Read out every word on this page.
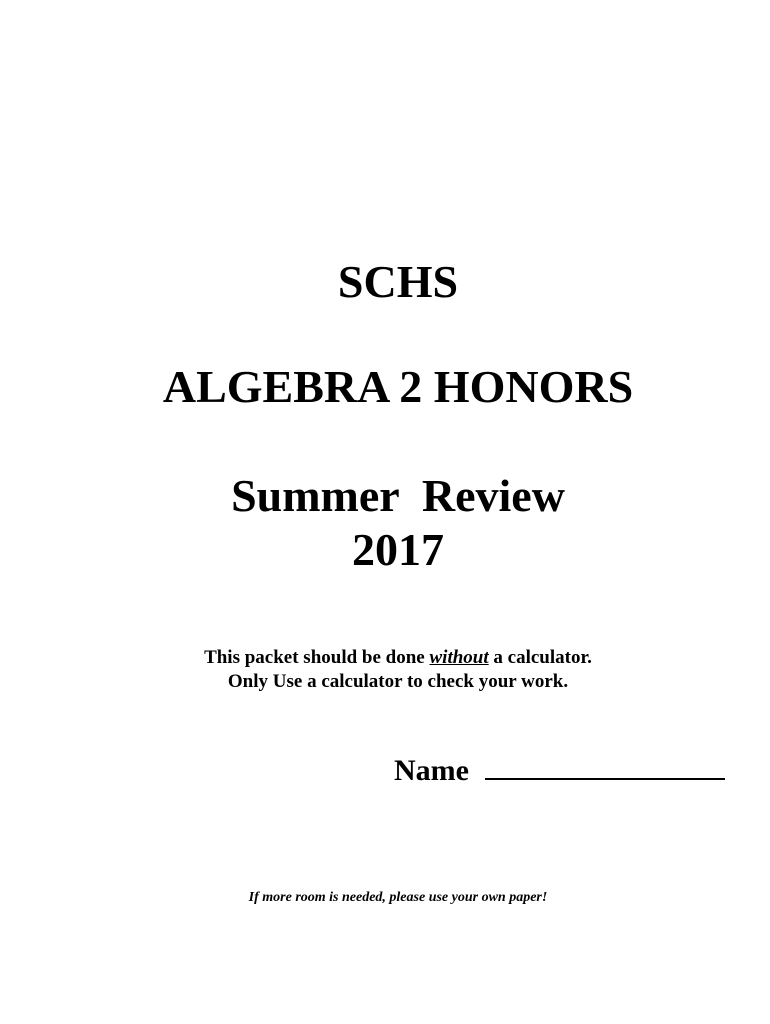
SCHS
ALGEBRA 2 HONORS
Summer  Review
2017
This packet should be done without a calculator.
Only Use a calculator to check your work.
Name
If more room is needed, please use your own paper!
